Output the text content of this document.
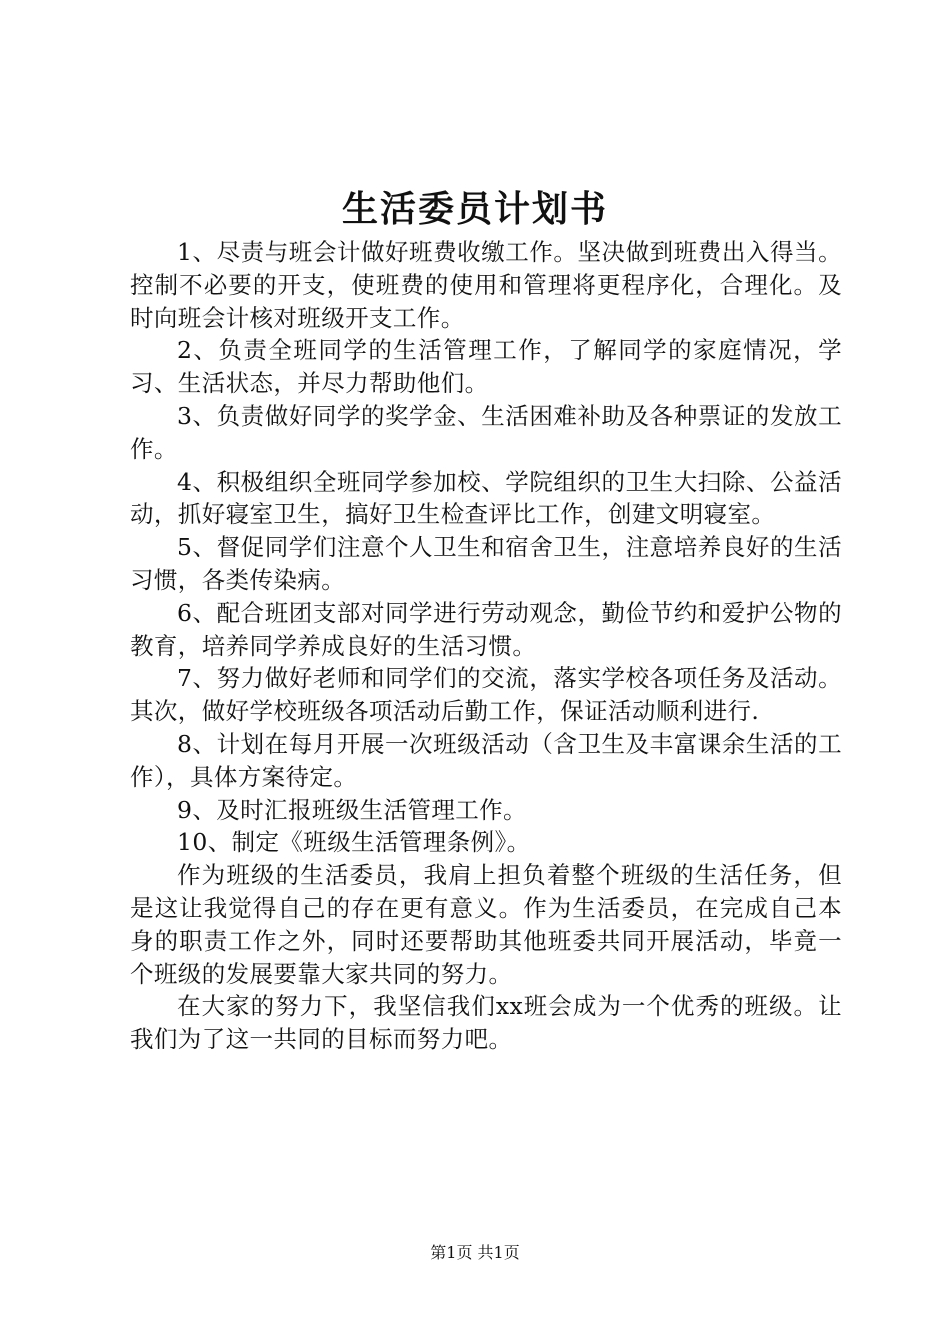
生活委员计划书

1、尽责与班会计做好班费收缴工作。坚决做到班费出入得当。控制不必要的开支，使班费的使用和管理将更程序化，合理化。及时向班会计核对班级开支工作。

2、负责全班同学的生活管理工作，了解同学的家庭情况，学习、生活状态，并尽力帮助他们。

3、负责做好同学的奖学金、生活困难补助及各种票证的发放工作。

4、积极组织全班同学参加校、学院组织的卫生大扫除、公益活动，抓好寝室卫生，搞好卫生检查评比工作，创建文明寝室。

5、督促同学们注意个人卫生和宿舍卫生，注意培养良好的生活习惯，各类传染病。

6、配合班团支部对同学进行劳动观念，勤俭节约和爱护公物的教育，培养同学养成良好的生活习惯。

7、努力做好老师和同学们的交流，落实学校各项任务及活动。其次，做好学校班级各项活动后勤工作，保证活动顺利进行.

8、计划在每月开展一次班级活动（含卫生及丰富课余生活的工作），具体方案待定。

9、及时汇报班级生活管理工作。

10、制定《班级生活管理条例》。

作为班级的生活委员，我肩上担负着整个班级的生活任务，但是这让我觉得自己的存在更有意义。作为生活委员，在完成自己本身的职责工作之外，同时还要帮助其他班委共同开展活动，毕竟一个班级的发展要靠大家共同的努力。

在大家的努力下，我坚信我们xx班会成为一个优秀的班级。让我们为了这一共同的目标而努力吧。

第1页 共1页
